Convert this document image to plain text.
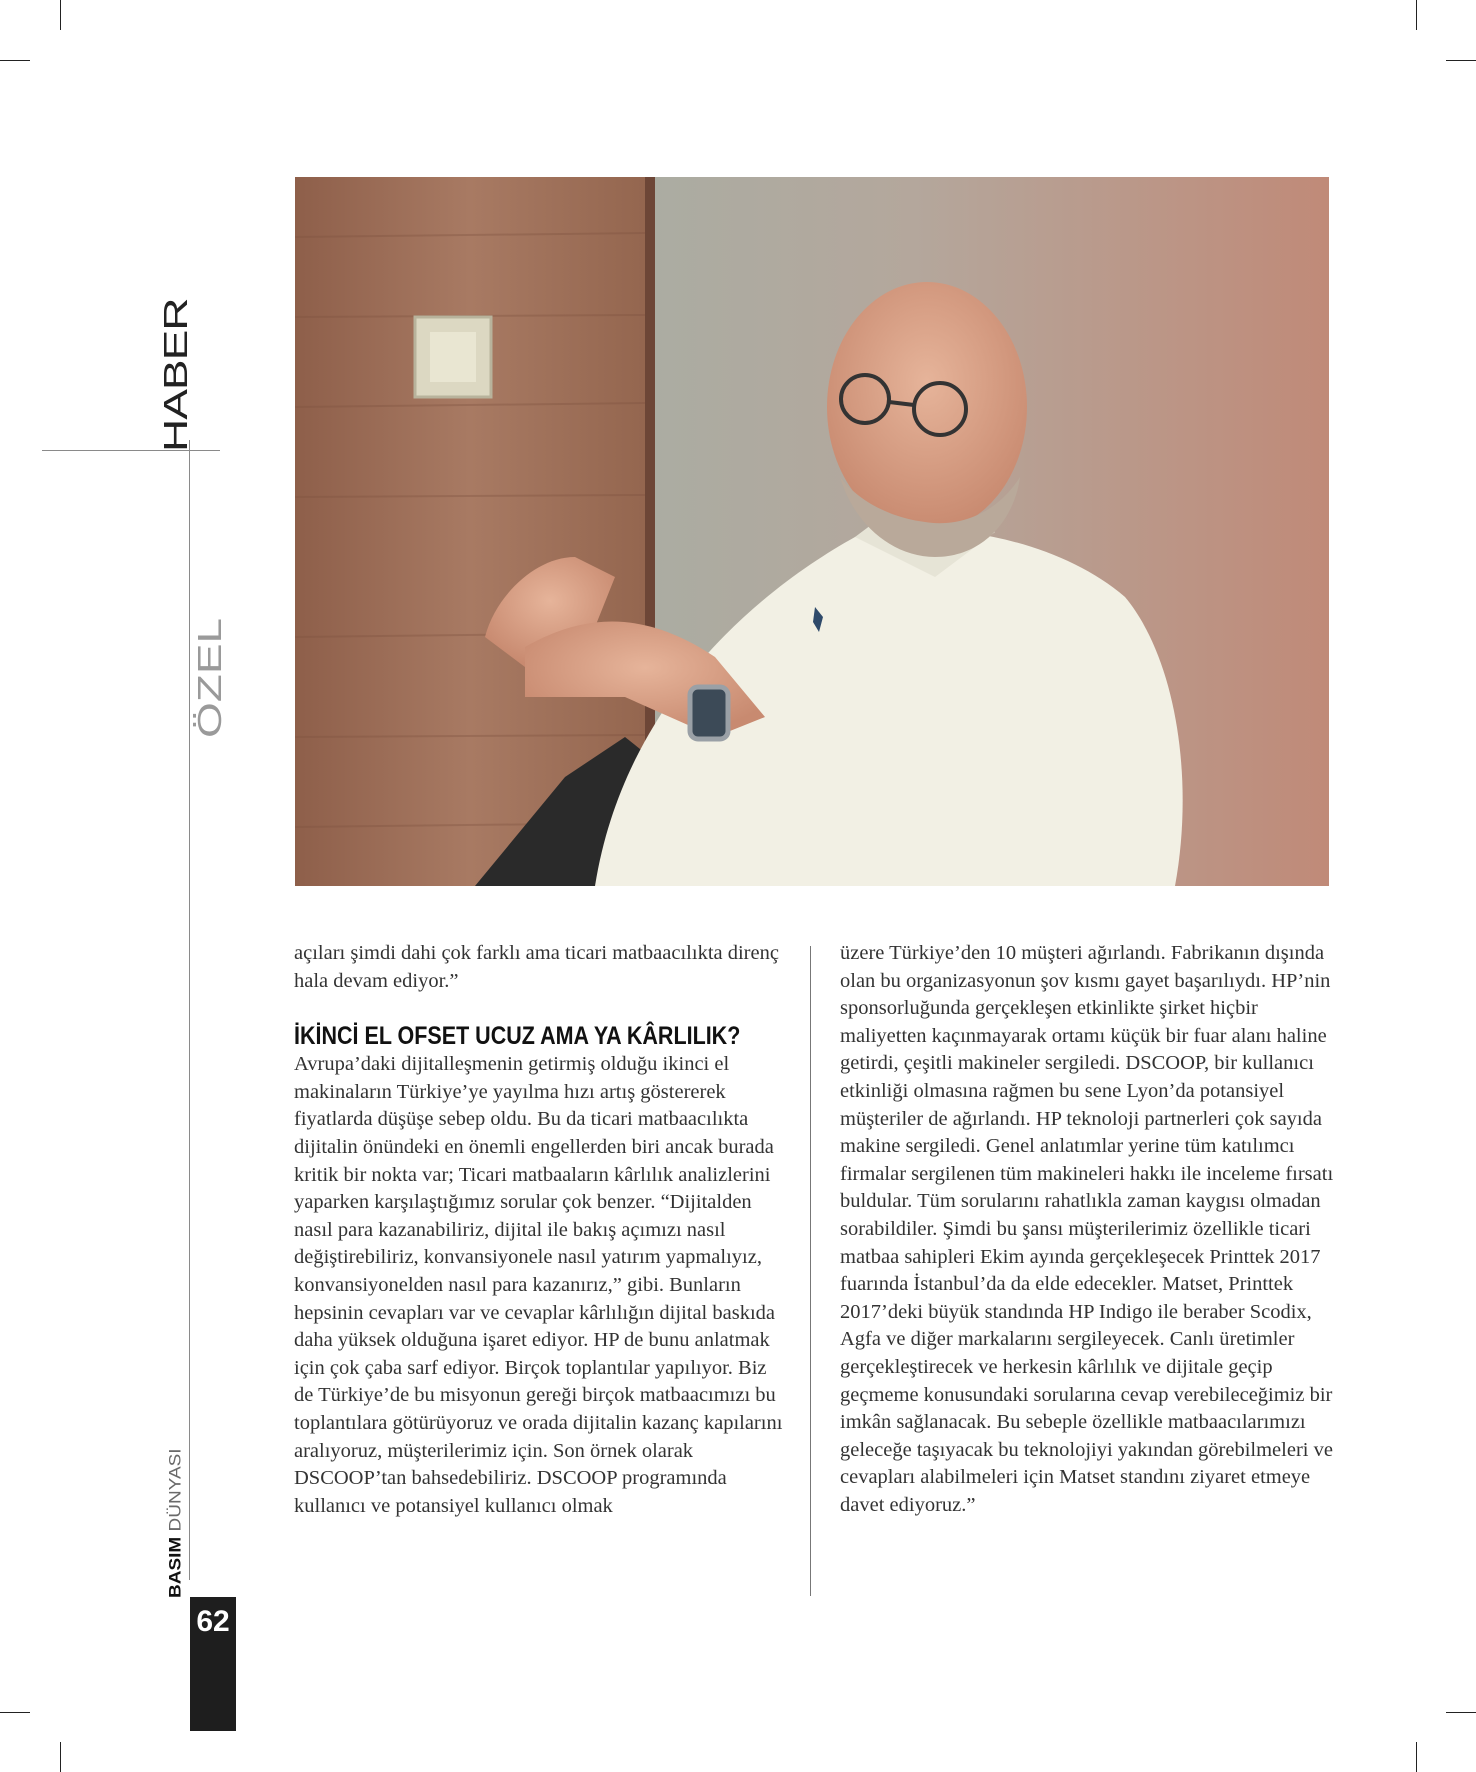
HABER
ÖZEL
BASIM DÜNYASI
62

açıları şimdi dahi çok farklı ama ticari matbaacılıkta direnç hala devam ediyor.”

İKİNCİ EL OFSET UCUZ AMA YA KÂRLILIK?

Avrupa’daki dijitalleşmenin getirmiş olduğu ikinci el makinaların Türkiye’ye yayılma hızı artış göstererek fiyatlarda düşüşe sebep oldu. Bu da ticari matbaacılıkta dijitalin önündeki en önemli engellerden biri ancak burada kritik bir nokta var; Ticari matbaaların kârlılık analizlerini yaparken karşılaştığımız sorular çok benzer. “Dijitalden nasıl para kazanabiliriz, dijital ile bakış açımızı nasıl değiştirebiliriz, konvansiyonele nasıl yatırım yapmalıyız, konvansiyonelden nasıl para kazanırız,” gibi. Bunların hepsinin cevapları var ve cevaplar kârlılığın dijital baskıda daha yüksek olduğuna işaret ediyor. HP de bunu anlatmak için çok çaba sarf ediyor. Birçok toplantılar yapılıyor. Biz de Türkiye’de bu misyonun gereği birçok matbaacımızı bu toplantılara götürüyoruz ve orada dijitalin kazanç kapılarını aralıyoruz, müşterilerimiz için. Son örnek olarak DSCOOP’tan bahsedebiliriz. DSCOOP programında kullanıcı ve potansiyel kullanıcı olmak

üzere Türkiye’den 10 müşteri ağırlandı. Fabrikanın dışında olan bu organizasyonun şov kısmı gayet başarılıydı. HP’nin sponsorluğunda gerçekleşen etkinlikte şirket hiçbir maliyetten kaçınmayarak ortamı küçük bir fuar alanı haline getirdi, çeşitli makineler sergiledi. DSCOOP, bir kullanıcı etkinliği olmasına rağmen bu sene Lyon’da potansiyel müşteriler de ağırlandı. HP teknoloji partnerleri çok sayıda makine sergiledi. Genel anlatımlar yerine tüm katılımcı firmalar sergilenen tüm makineleri hakkı ile inceleme fırsatı buldular. Tüm sorularını rahatlıkla zaman kaygısı olmadan sorabildiler. Şimdi bu şansı müşterilerimiz özellikle ticari matbaa sahipleri Ekim ayında gerçekleşecek Printtek 2017 fuarında İstanbul’da da elde edecekler. Matset, Printtek 2017’deki büyük standında HP Indigo ile beraber Scodix, Agfa ve diğer markalarını sergileyecek. Canlı üretimler gerçekleştirecek ve herkesin kârlılık ve dijitale geçip geçmeme konusundaki sorularına cevap verebileceğimiz bir imkân sağlanacak. Bu sebeple özellikle matbaacılarımızı geleceğe taşıyacak bu teknolojiyi yakından görebilmeleri ve cevapları alabilmeleri için Matset standını ziyaret etmeye davet ediyoruz.”
